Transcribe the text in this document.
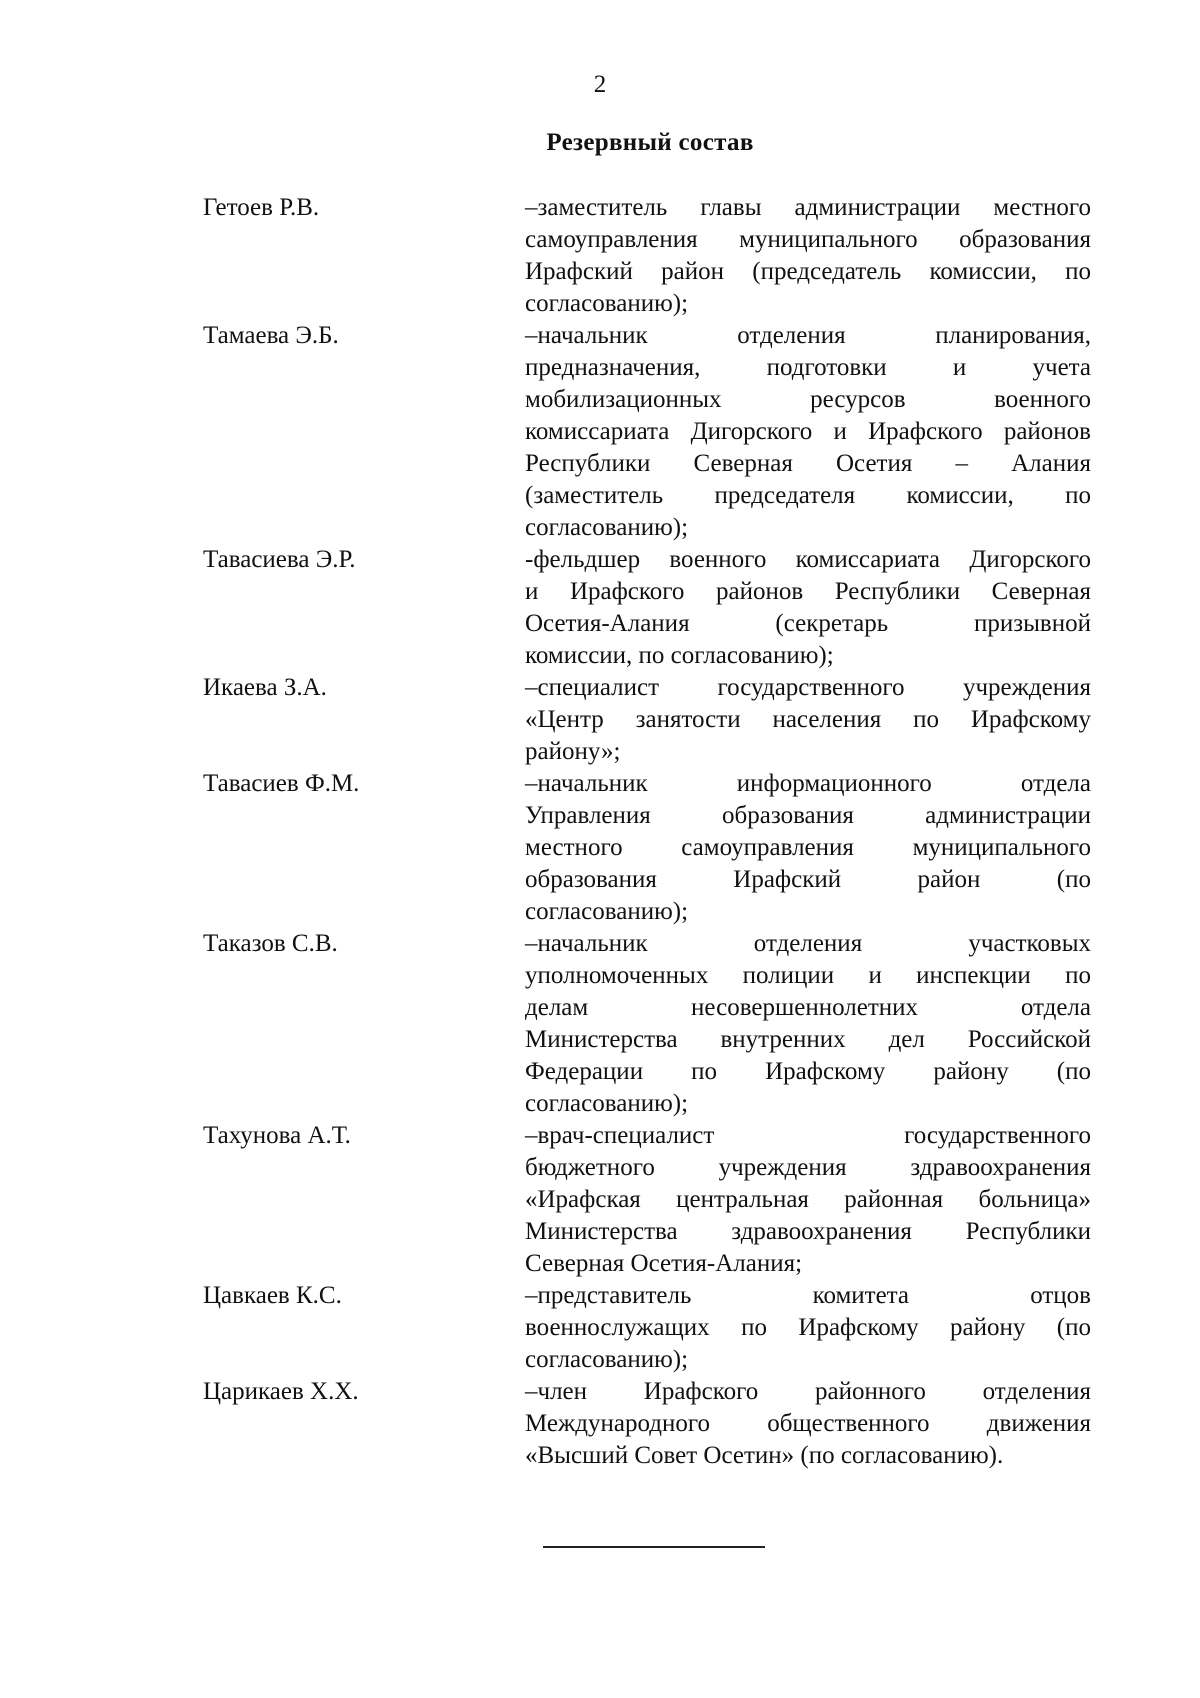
2
Резервный состав
Гетоев Р.В.	–заместитель главы администрации местного
самоуправления муниципального образования
Ирафский район (председатель комиссии, по
согласованию);
Тамаева Э.Б.	–начальник отделения планирования,
предназначения, подготовки и учета
мобилизационных ресурсов военного
комиссариата Дигорского и Ирафского районов
Республики Северная Осетия – Алания
(заместитель председателя комиссии, по
согласованию);
Тавасиева Э.Р.	-фельдшер военного комиссариата Дигорского
и Ирафского районов Республики Северная
Осетия-Алания (секретарь призывной
комиссии, по согласованию);
Икаева З.А.	–специалист государственного учреждения
«Центр занятости населения по Ирафскому
району»;
Тавасиев Ф.М.	–начальник информационного отдела
Управления образования администрации
местного самоуправления муниципального
образования Ирафский район (по
согласованию);
Таказов С.В.	–начальник отделения участковых
уполномоченных полиции и инспекции по
делам несовершеннолетних отдела
Министерства внутренних дел Российской
Федерации по Ирафскому району (по
согласованию);
Тахунова А.Т.	–врач-специалист государственного
бюджетного учреждения здравоохранения
«Ирафская центральная районная больница»
Министерства здравоохранения Республики
Северная Осетия-Алания;
Цавкаев К.С.	–представитель комитета отцов
военнослужащих по Ирафскому району (по
согласованию);
Царикаев Х.Х.	–член Ирафского районного отделения
Международного общественного движения
«Высший Совет Осетин» (по согласованию).
